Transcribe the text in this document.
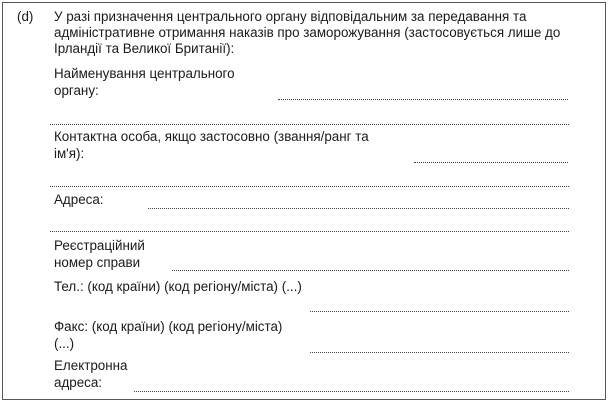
(d) У разі призначення центрального органу відповідальним за передавання та адміністративне отримання наказів про заморожування (застосовується лише до Ірландії та Великої Британії):

Найменування центрального органу:

Контактна особа, якщо застосовно (звання/ранг та ім'я):

Адреса:

Реєстраційний номер справи

Тел.: (код країни) (код регіону/міста) (...)

Факс: (код країни) (код регіону/міста) (...)

Електронна адреса:
